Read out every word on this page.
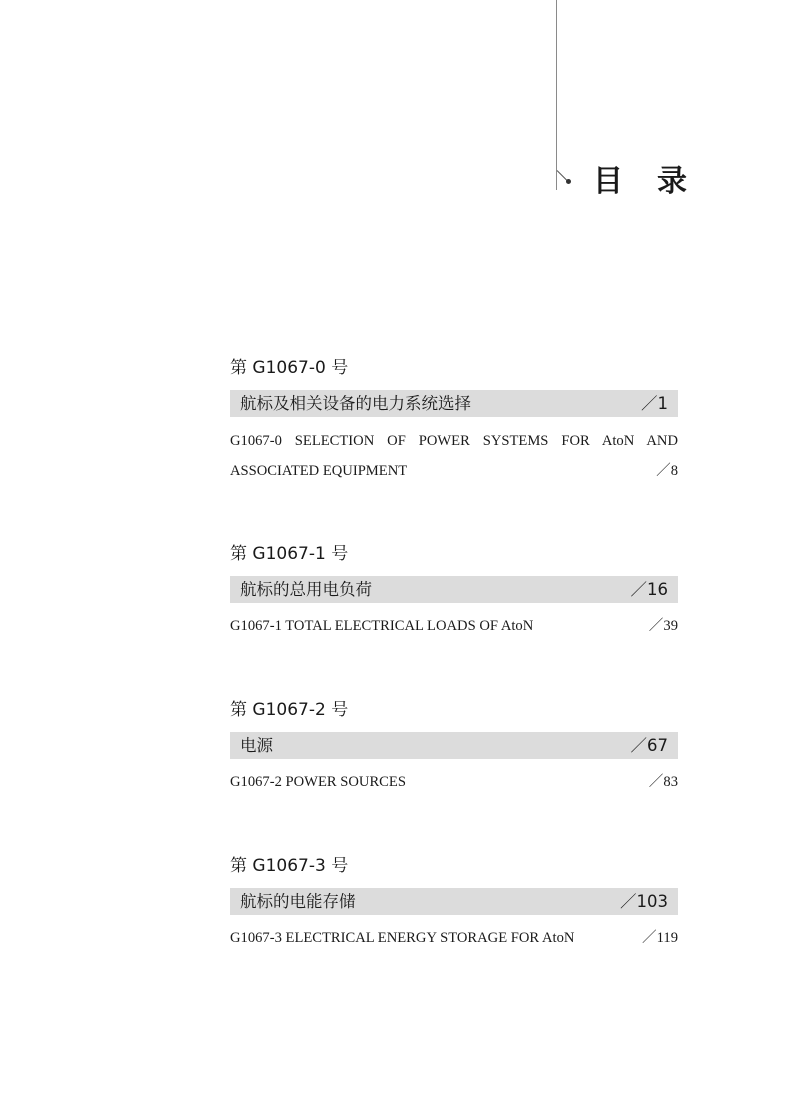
目录
第 G1067-0 号
航标及相关设备的电力系统选择	／1
G1067-0 SELECTION OF POWER SYSTEMS FOR AtoN AND
ASSOCIATED EQUIPMENT	／8
第 G1067-1 号
航标的总用电负荷	／16
G1067-1 TOTAL ELECTRICAL LOADS OF AtoN	／39
第 G1067-2 号
电源	／67
G1067-2 POWER SOURCES	／83
第 G1067-3 号
航标的电能存储	／103
G1067-3 ELECTRICAL ENERGY STORAGE FOR AtoN	／119
